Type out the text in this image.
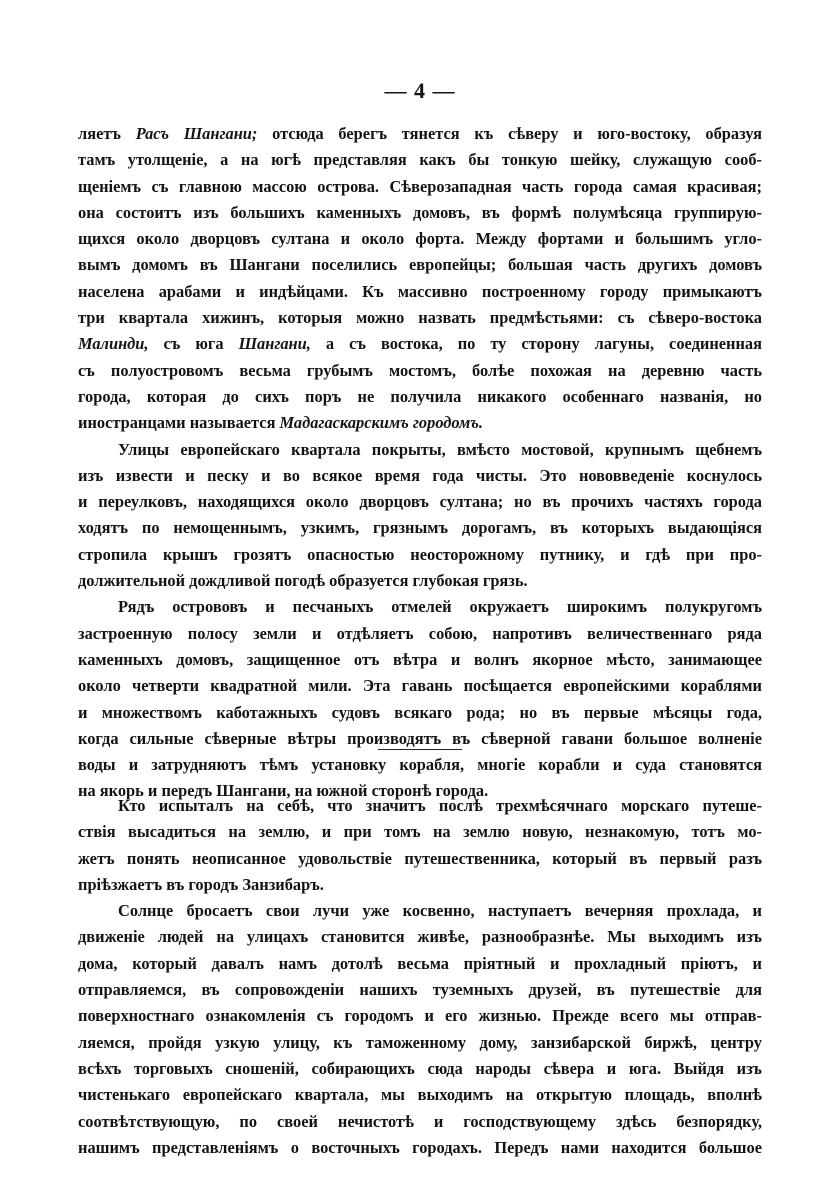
— 4 —
ляетъ Расъ Шангани; отсюда берегъ тянется къ сѣверу и юго-востоку, образуя
тамъ утолщеніе, а на югѣ представляя какъ бы тонкую шейку, служащую сооб-
щеніемъ съ главною массою острова. Сѣверозападная часть города самая красивая;
она состоитъ изъ большихъ каменныхъ домовъ, въ формѣ полумѣсяца группирую-
щихся около дворцовъ султана и около форта. Между фортами и большимъ угло-
вымъ домомъ въ Шангани поселились европейцы; большая часть другихъ домовъ
населена арабами и индѣйцами. Къ массивно построенному городу примыкаютъ
три квартала хижинъ, которыя можно назвать предмѣстьями: съ сѣверо-востока
Малинди, съ юга Шангани, а съ востока, по ту сторону лагуны, соединенная
съ полуостровомъ весьма грубымъ мостомъ, болѣе похожая на деревню часть
города, которая до сихъ поръ не получила никакого особеннаго названія, но
иностранцами называется Мадагаскарскимъ городомъ.
Улицы европейскаго квартала покрыты, вмѣсто мостовой, крупнымъ щебнемъ
изъ извести и песку и во всякое время года чисты. Это нововведеніе коснулось
и переулковъ, находящихся около дворцовъ султана; но въ прочихъ частяхъ города
ходятъ по немощеннымъ, узкимъ, грязнымъ дорогамъ, въ которыхъ выдающіяся
стропила крышъ грозятъ опасностью неосторожному путнику, и гдѣ при про-
должительной дождливой погодѣ образуется глубокая грязь.
Рядъ острововъ и песчаныхъ отмелей окружаетъ широкимъ полукругомъ
застроенную полосу земли и отдѣляетъ собою, напротивъ величественнаго ряда
каменныхъ домовъ, защищенное отъ вѣтра и волнъ якорное мѣсто, занимающее
около четверти квадратной мили. Эта гавань посѣщается европейскими кораблями
и множествомъ каботажныхъ судовъ всякаго рода; но въ первые мѣсяцы года,
когда сильные сѣверные вѣтры производятъ въ сѣверной гавани большое волненіе
воды и затрудняютъ тѣмъ установку корабля, многіе корабли и суда становятся
на якорь и передъ Шангани, на южной сторонѣ города.
Кто испыталъ на себѣ, что значитъ послѣ трехмѣсячнаго морскаго путеше-
ствія высадиться на землю, и при томъ на землю новую, незнакомую, тотъ мо-
жетъ понять неописанное удовольствіе путешественника, который въ первый разъ
пріѣзжаетъ въ городъ Занзибаръ.
Солнце бросаетъ свои лучи уже косвенно, наступаетъ вечерняя прохлада, и
движеніе людей на улицахъ становится живѣе, разнообразнѣе. Мы выходимъ изъ
дома, который давалъ намъ дотолѣ весьма пріятный и прохладный пріютъ, и
отправляемся, въ сопровожденіи нашихъ туземныхъ друзей, въ путешествіе для
поверхностнаго ознакомленія съ городомъ и его жизнью. Прежде всего мы отправ-
ляемся, пройдя узкую улицу, къ таможенному дому, занзибарской биржѣ, центру
всѣхъ торговыхъ сношеній, собирающихъ сюда народы сѣвера и юга. Выйдя изъ
чистенькаго европейскаго квартала, мы выходимъ на открытую площадь, вполнѣ
соотвѣтствующую, по своей нечистотѣ и господствующему здѣсь безпорядку,
нашимъ представленіямъ о восточныхъ городахъ. Передъ нами находится большое
